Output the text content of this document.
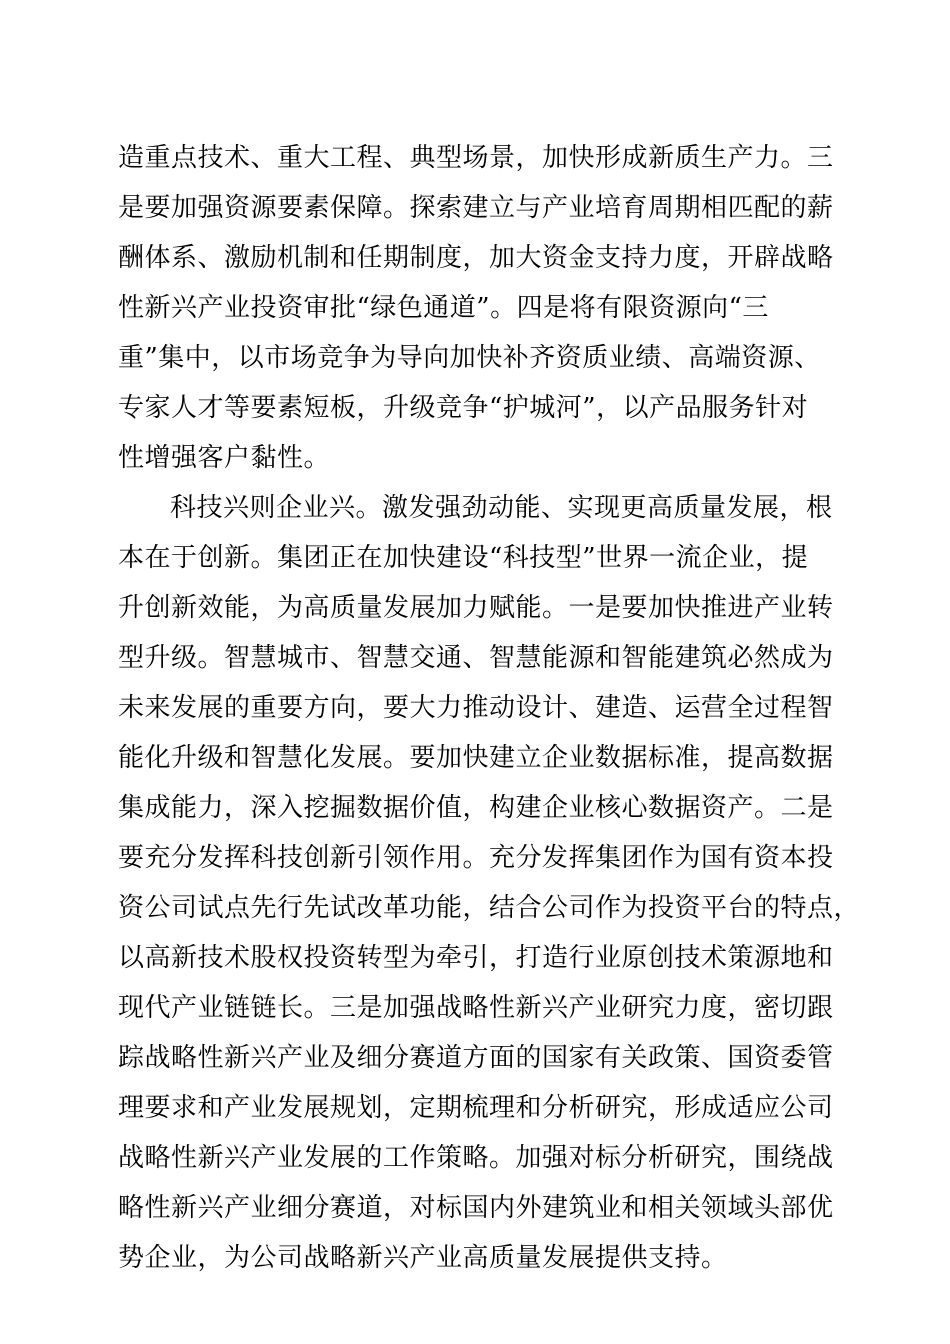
造重点技术、重大工程、典型场景，加快形成新质生产力。三
是要加强资源要素保障。探索建立与产业培育周期相匹配的薪
酬体系、激励机制和任期制度，加大资金支持力度，开辟战略
性新兴产业投资审批“绿色通道”。四是将有限资源向“三
重”集中，以市场竞争为导向加快补齐资质业绩、高端资源、
专家人才等要素短板，升级竞争“护城河”，以产品服务针对
性增强客户黏性。
科技兴则企业兴。激发强劲动能、实现更高质量发展，根
本在于创新。集团正在加快建设“科技型”世界一流企业，提
升创新效能，为高质量发展加力赋能。一是要加快推进产业转
型升级。智慧城市、智慧交通、智慧能源和智能建筑必然成为
未来发展的重要方向，要大力推动设计、建造、运营全过程智
能化升级和智慧化发展。要加快建立企业数据标准，提高数据
集成能力，深入挖掘数据价值，构建企业核心数据资产。二是
要充分发挥科技创新引领作用。充分发挥集团作为国有资本投
资公司试点先行先试改革功能，结合公司作为投资平台的特点，
以高新技术股权投资转型为牵引，打造行业原创技术策源地和
现代产业链链长。三是加强战略性新兴产业研究力度，密切跟
踪战略性新兴产业及细分赛道方面的国家有关政策、国资委管
理要求和产业发展规划，定期梳理和分析研究，形成适应公司
战略性新兴产业发展的工作策略。加强对标分析研究，围绕战
略性新兴产业细分赛道，对标国内外建筑业和相关领域头部优
势企业，为公司战略新兴产业高质量发展提供支持。
